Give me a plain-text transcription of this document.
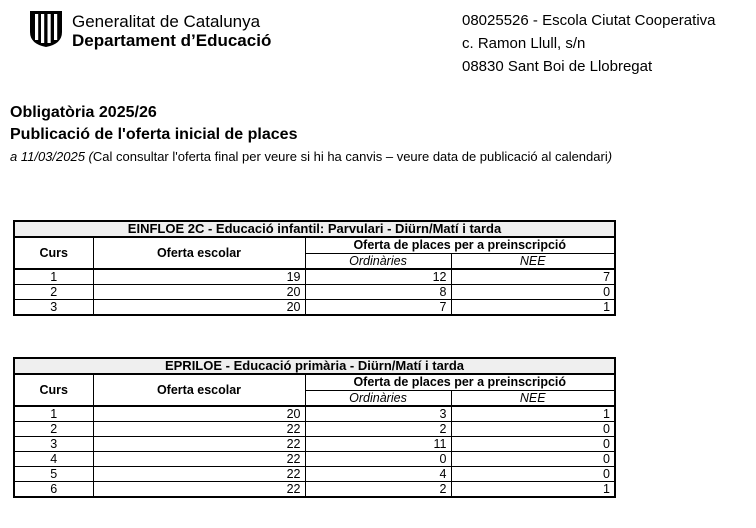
Generalitat de Catalunya
Departament d’Educació
08025526 - Escola Ciutat Cooperativa
c. Ramon Llull, s/n
08830 Sant Boi de Llobregat
Obligatòria 2025/26
Publicació de l'oferta inicial de places
a 11/03/2025 (Cal consultar l'oferta final per veure si hi ha canvis – veure data de publicació al calendari)
EINFLOE 2C - Educació infantil: Parvulari - Diürn/Matí i tarda			
Curs	Oferta escolar	Oferta de places per a preinscripció	
		Ordinàries	NEE
1	19	12	7
2	20	8	0
3	20	7	1
EPRILOE - Educació primària - Diürn/Matí i tarda			
Curs	Oferta escolar	Oferta de places per a preinscripció	
		Ordinàries	NEE
1	20	3	1
2	22	2	0
3	22	11	0
4	22	0	0
5	22	4	0
6	22	2	1
